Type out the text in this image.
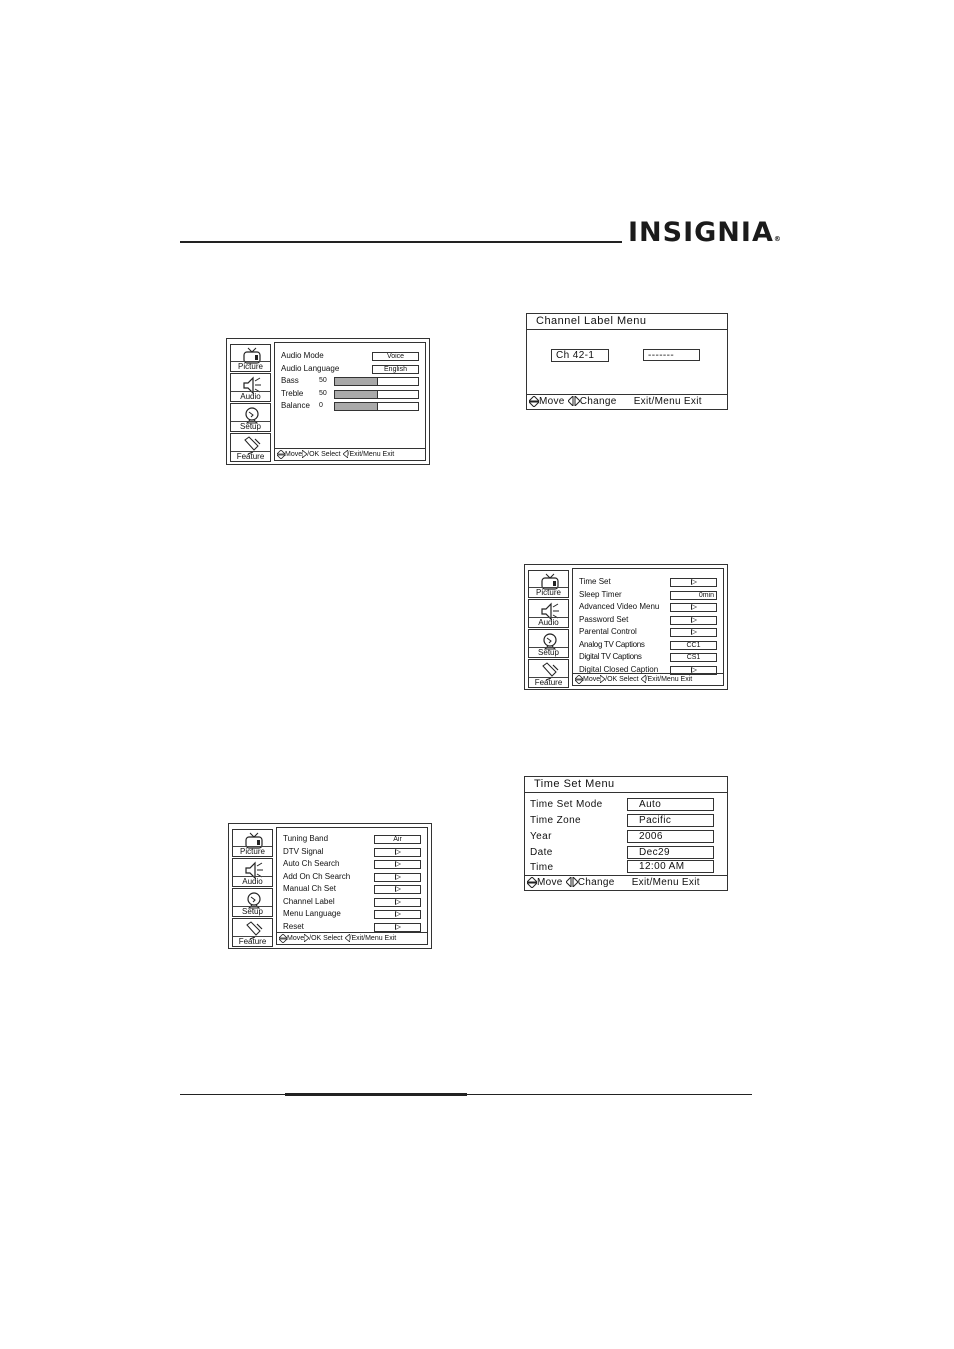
INSIGNIA®
Picture
Audio
Setup
Feature
Audio Mode	Voice
Audio Language	English
Bass	50
Treble 50
Balance 0
Move /OK Select /Exit/Menu Exit
Channel Label Menu
Ch 42-1	-------
Move Change Exit/Menu Exit
Picture
Audio
Setup
Feature
Time Set
Sleep Timer	0min
Advanced Video Menu
Password Set
Parental Control
Analog TV Captions	CC1
Digital TV Captions	CS1
Digital Closed Caption
Move /OK Select /Exit/Menu Exit
Time Set Menu
Time Set Mode	Auto
Time Zone	Pacific
Year	2006
Date	Dec29
Time	12:00 AM
Move Change Exit/Menu Exit
Picture
Audio
Setup
Feature
Tuning Band	Air
DTV Signal
Auto Ch Search
Add On Ch Search
Manual Ch Set
Channel Label
Menu Language
Reset
Move /OK Select /Exit/Menu Exit
